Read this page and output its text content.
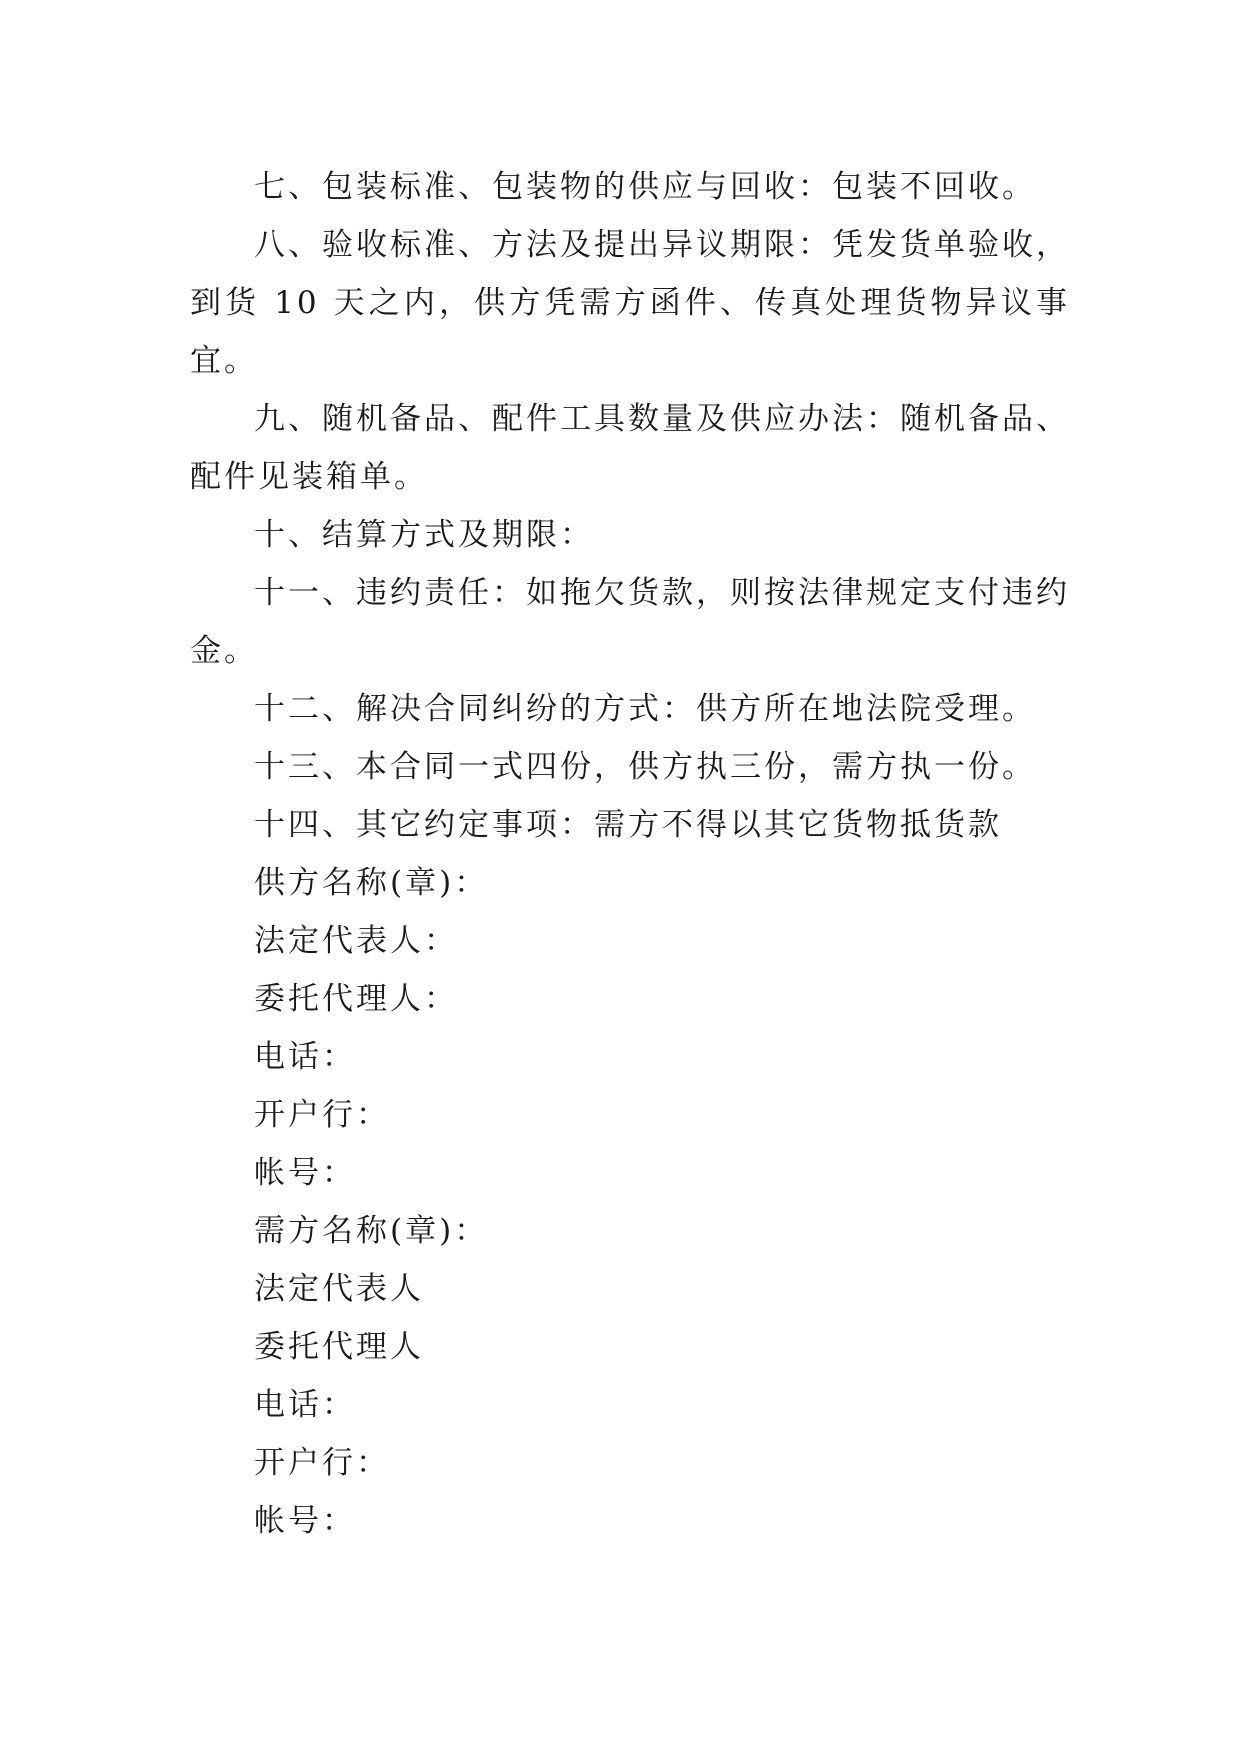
七、包装标准、包装物的供应与回收：包装不回收。

八、验收标准、方法及提出异议期限：凭发货单验收，到货 10 天之内，供方凭需方函件、传真处理货物异议事宜。

九、随机备品、配件工具数量及供应办法：随机备品、配件见装箱单。

十、结算方式及期限：

十一、违约责任：如拖欠货款，则按法律规定支付违约金。

十二、解决合同纠纷的方式：供方所在地法院受理。

十三、本合同一式四份，供方执三份，需方执一份。

十四、其它约定事项：需方不得以其它货物抵货款

供方名称(章)：

法定代表人：

委托代理人：

电话：

开户行：

帐号：

需方名称(章)：

法定代表人

委托代理人

电话：

开户行：

帐号：
